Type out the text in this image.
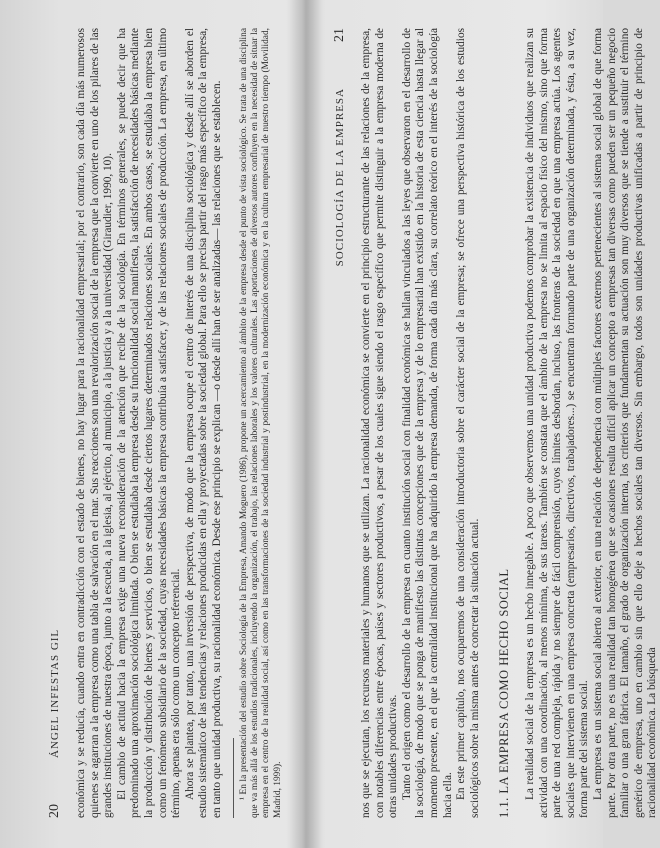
20
ÁNGEL INFESTAS GIL económica y se reducía, cuando entra en contradicción con el estado de bienes, no hay lugar para la racionalidad empresarial; por el contrario, son cada día más numerosos quienes se agarran a la empresa como una tabla de salvación en el mar. Sus reacciones son una revalorización social de la empresa que la convierte en uno de los pilares de las grandes instituciones de nuestra época, junto a la escuela, a la iglesia, al ejército, al municipio, a la justicia y a la universidad (Giraudier, 1990, 10). El cambio de actitud hacia la empresa exige una nueva reconsideración de la atención que recibe de la sociología. En términos generales, se puede decir que ha predominado una aproximación sociológica limitada. O bien se estudiaba la empresa desde su funcionalidad social manifiesta, la satisfacción de necesidades básicas mediante la producción y distribución de bienes y servicios, o bien se estudiaba desde ciertos lugares determinados relaciones sociales. En ambos casos, se estudiaba la empresa bien como un fenómeno subsidiario de la sociedad, cuyas necesidades básicas la empresa contribuía a satisfacer, y de las relaciones sociales de producción. La empresa, en último término, apenas era sólo como un concepto referencial. Ahora se plantea, por tanto, una inversión de perspectiva, de modo que la empresa ocupe el centro de interés de una disciplina sociológica y desde allí se aborden el estudio sistemático de las tendencias y relaciones producidas en ella y proyectadas sobre la sociedad global. Para ello se precisa partir del rasgo más específico de la empresa, en tanto que unidad productiva, su racionalidad económica. Desde ese principio se explican —o desde allí han de ser analizadas— las relaciones que se establecen. ¹ En la presentación del estudio sobre Sociología de la Empresa, Amando Moguero (1986), propone un acercamiento al ámbito de la empresa desde el punto de vista sociológico. Se trata de una disciplina que va más allá de los estudios tradicionales, incluyendo la organización, el trabajo, las relaciones laborales y los valores culturales. Las aportaciones de diversos autores confluyen en la necesidad de situar la empresa en el centro de la realidad social, así como en las transformaciones de la sociedad industrial y postindustrial, en la modernización económica y en la cultura empresarial de nuestro tiempo (Movilidad, Madrid, 1999).

21
SOCIOLOGÍA DE LA EMPRESA nos que se ejecutan, los recursos materiales y humanos que se utilizan. La racionalidad económica se convierte en el principio estructurante de las relaciones de la empresa, con notables diferencias entre épocas, países y sectores productivos, a pesar de los cuales sigue siendo el rasgo específico que permite distinguir a la empresa moderna de otras unidades productivas. Tanto el origen como el desarrollo de la empresa en cuanto institución social con finalidad económica se hallan vinculados a las leyes que observaron en el desarrollo de la sociología, de modo que se ponga de manifiesto las distintas concepciones que de la empresa y de lo empresarial han existido en la historia de esta ciencia hasta llegar al momento presente, en el que la centralidad institucional que ha adquirido la empresa demanda, de forma cada día más clara, su correlato teórico en el interés de la sociología hacia ella. En este primer capítulo, nos ocuparemos de una consideración introductoria sobre el carácter social de la empresa; se ofrece una perspectiva histórica de los estudios sociológicos sobre la misma antes de concretar la situación actual. 1.1. LA EMPRESA COMO HECHO SOCIAL La realidad social de la empresa es un hecho innegable. A poco que observemos una unidad productiva podemos comprobar la existencia de individuos que realizan su actividad con una coordinación, al menos mínima, de sus tareas. También se constata que el ámbito de la empresa no se limita al espacio físico del mismo, sino que forma parte de una red compleja, rápida y no siempre de fácil comprensión, cuyos límites desbordan, incluso, las fronteras de la sociedad en que una empresa actúa. Los agentes sociales que intervienen en una empresa concreta (empresarios, directivos, trabajadores...) se encuentran formando parte de una organización determinada, y ésta, a su vez, forma parte del sistema social. La empresa es un sistema social abierto al exterior, en una relación de dependencia con múltiples factores externos pertenecientes al sistema social global de que forma parte. Por otra parte, no es una realidad tan homogénea que se ocasiones resulta difícil aplicar un concepto a empresas tan diversas como pueden ser un pequeño negocio familiar o una gran fábrica. El tamaño, el grado de organización interna, los criterios que fundamentan su actuación son muy diversos que se tiende a sustituir el término genérico de empresa, uno en cambio sin que ello deje a hechos sociales tan diversos. Sin embargo, todos son unidades productivas unificadas a partir de principio de racionalidad económica. La búsqueda
